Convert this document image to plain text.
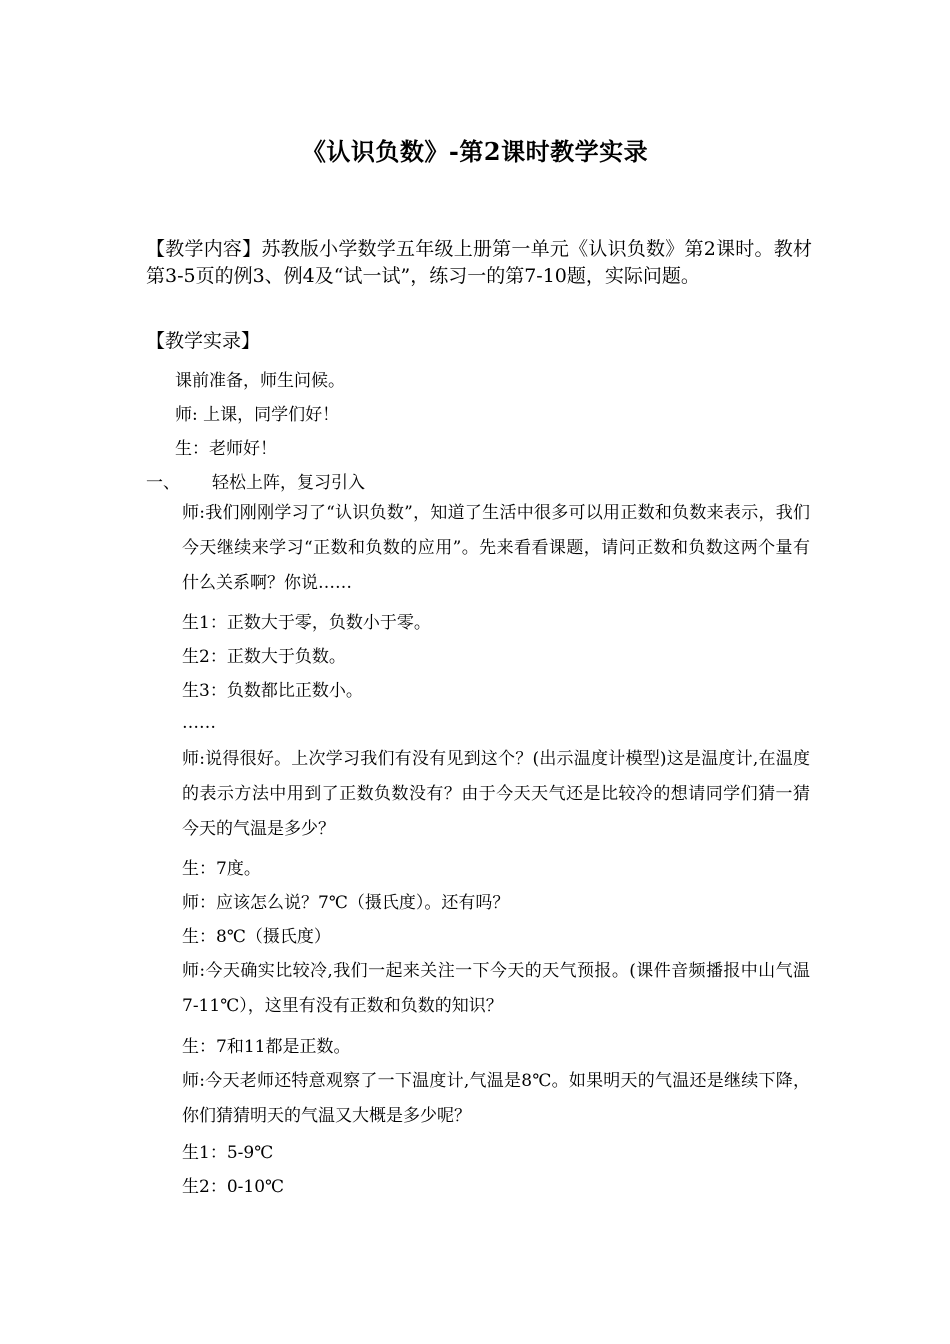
《认识负数》-第2课时教学实录

【教学内容】苏教版小学数学五年级上册第一单元《认识负数》第2课时。教材第3-5页的例3、例4及“试一试”，练习一的第7-10题，实际问题。

【教学实录】

课前准备，师生问候。

师: 上课，同学们好！

生：老师好！

一、 轻松上阵，复习引入

师:我们刚刚学习了“认识负数”，知道了生活中很多可以用正数和负数来表示，我们今天继续来学习“正数和负数的应用”。先来看看课题，请问正数和负数这两个量有什么关系啊？你说……

生1：正数大于零，负数小于零。

生2：正数大于负数。

生3：负数都比正数小。

……

师:说得很好。上次学习我们有没有见到这个？(出示温度计模型)这是温度计,在温度的表示方法中用到了正数负数没有？由于今天天气还是比较冷的想请同学们猜一猜今天的气温是多少？

生：7度。

师：应该怎么说？7℃（摄氏度）。还有吗？

生：8℃（摄氏度）

师:今天确实比较冷,我们一起来关注一下今天的天气预报。(课件音频播报中山气温7-11℃），这里有没有正数和负数的知识？

生：7和11都是正数。

师:今天老师还特意观察了一下温度计,气温是8℃。如果明天的气温还是继续下降，你们猜猜明天的气温又大概是多少呢？

生1：5-9℃

生2：0-10℃
